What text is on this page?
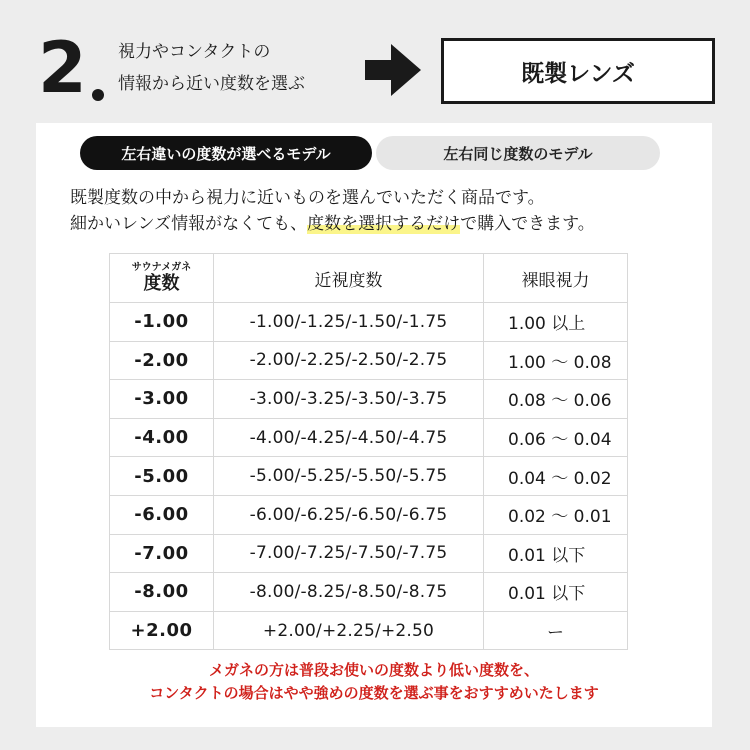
2 視力やコンタクトの
情報から近い度数を選ぶ	既製レンズ
左右違いの度数が選べるモデル	左右同じ度数のモデル
既製度数の中から視力に近いものを選んでいただく商品です。
細かいレンズ情報がなくても、度数を選択するだけで購入できます。
サウナメガネ
度数	近視度数	裸眼視力
-1.00	-1.00/-1.25/-1.50/-1.75	1.00 以上
-2.00	-2.00/-2.25/-2.50/-2.75	1.00 〜 0.08
-3.00	-3.00/-3.25/-3.50/-3.75	0.08 〜 0.06
-4.00	-4.00/-4.25/-4.50/-4.75	0.06 〜 0.04
-5.00	-5.00/-5.25/-5.50/-5.75	0.04 〜 0.02
-6.00	-6.00/-6.25/-6.50/-6.75	0.02 〜 0.01
-7.00	-7.00/-7.25/-7.50/-7.75	0.01 以下
-8.00	-8.00/-8.25/-8.50/-8.75	0.01 以下
+2.00	+2.00/+2.25/+2.50	ー
メガネの方は普段お使いの度数より低い度数を、
コンタクトの場合はやや強めの度数を選ぶ事をおすすめいたします
